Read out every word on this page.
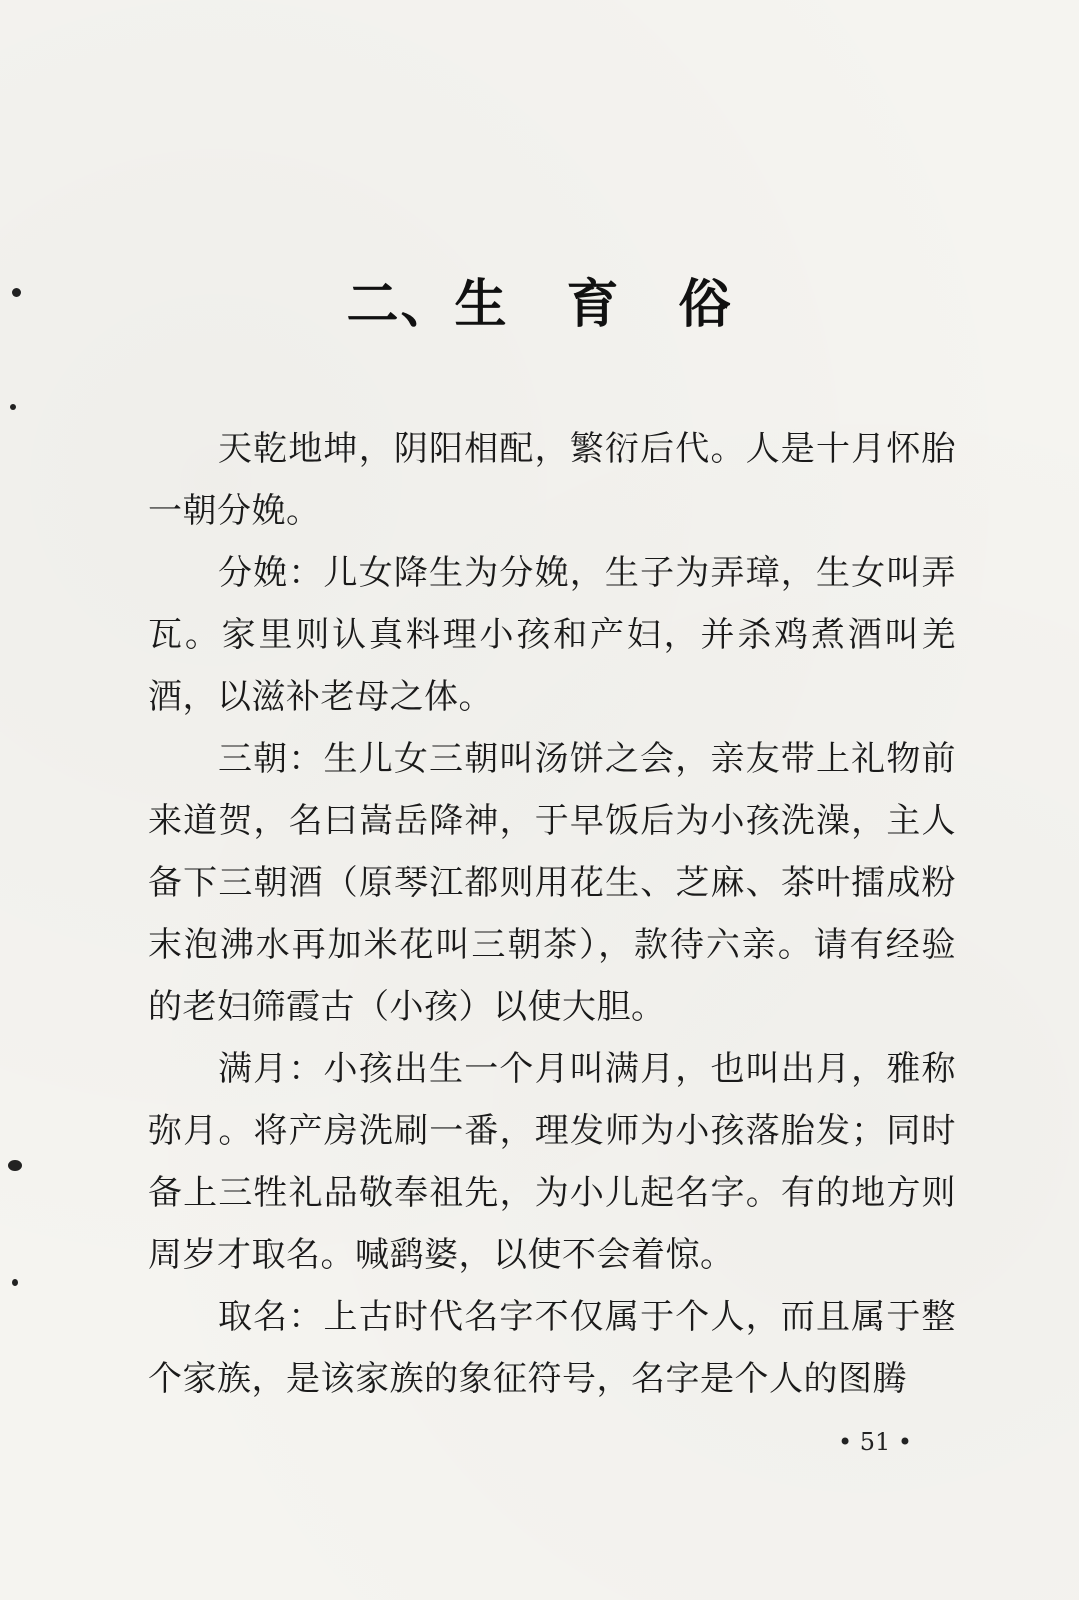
二、生 育 俗

天乾地坤，阴阳相配，繁衍后代。人是十月怀胎一朝分娩。

分娩：儿女降生为分娩，生子为弄璋，生女叫弄瓦。家里则认真料理小孩和产妇，并杀鸡煮酒叫羌酒，以滋补老母之体。

三朝：生儿女三朝叫汤饼之会，亲友带上礼物前来道贺，名曰嵩岳降神，于早饭后为小孩洗澡，主人备下三朝酒（原琴江都则用花生、芝麻、茶叶擂成粉末泡沸水再加米花叫三朝茶），款待六亲。请有经验的老妇筛霞古（小孩）以使大胆。

满月：小孩出生一个月叫满月，也叫出月，雅称弥月。将产房洗刷一番，理发师为小孩落胎发；同时备上三牲礼品敬奉祖先，为小儿起名字。有的地方则周岁才取名。喊鹞婆，以使不会着惊。

取名：上古时代名字不仅属于个人，而且属于整个家族，是该家族的象征符号，名字是个人的图腾

• 51 •
